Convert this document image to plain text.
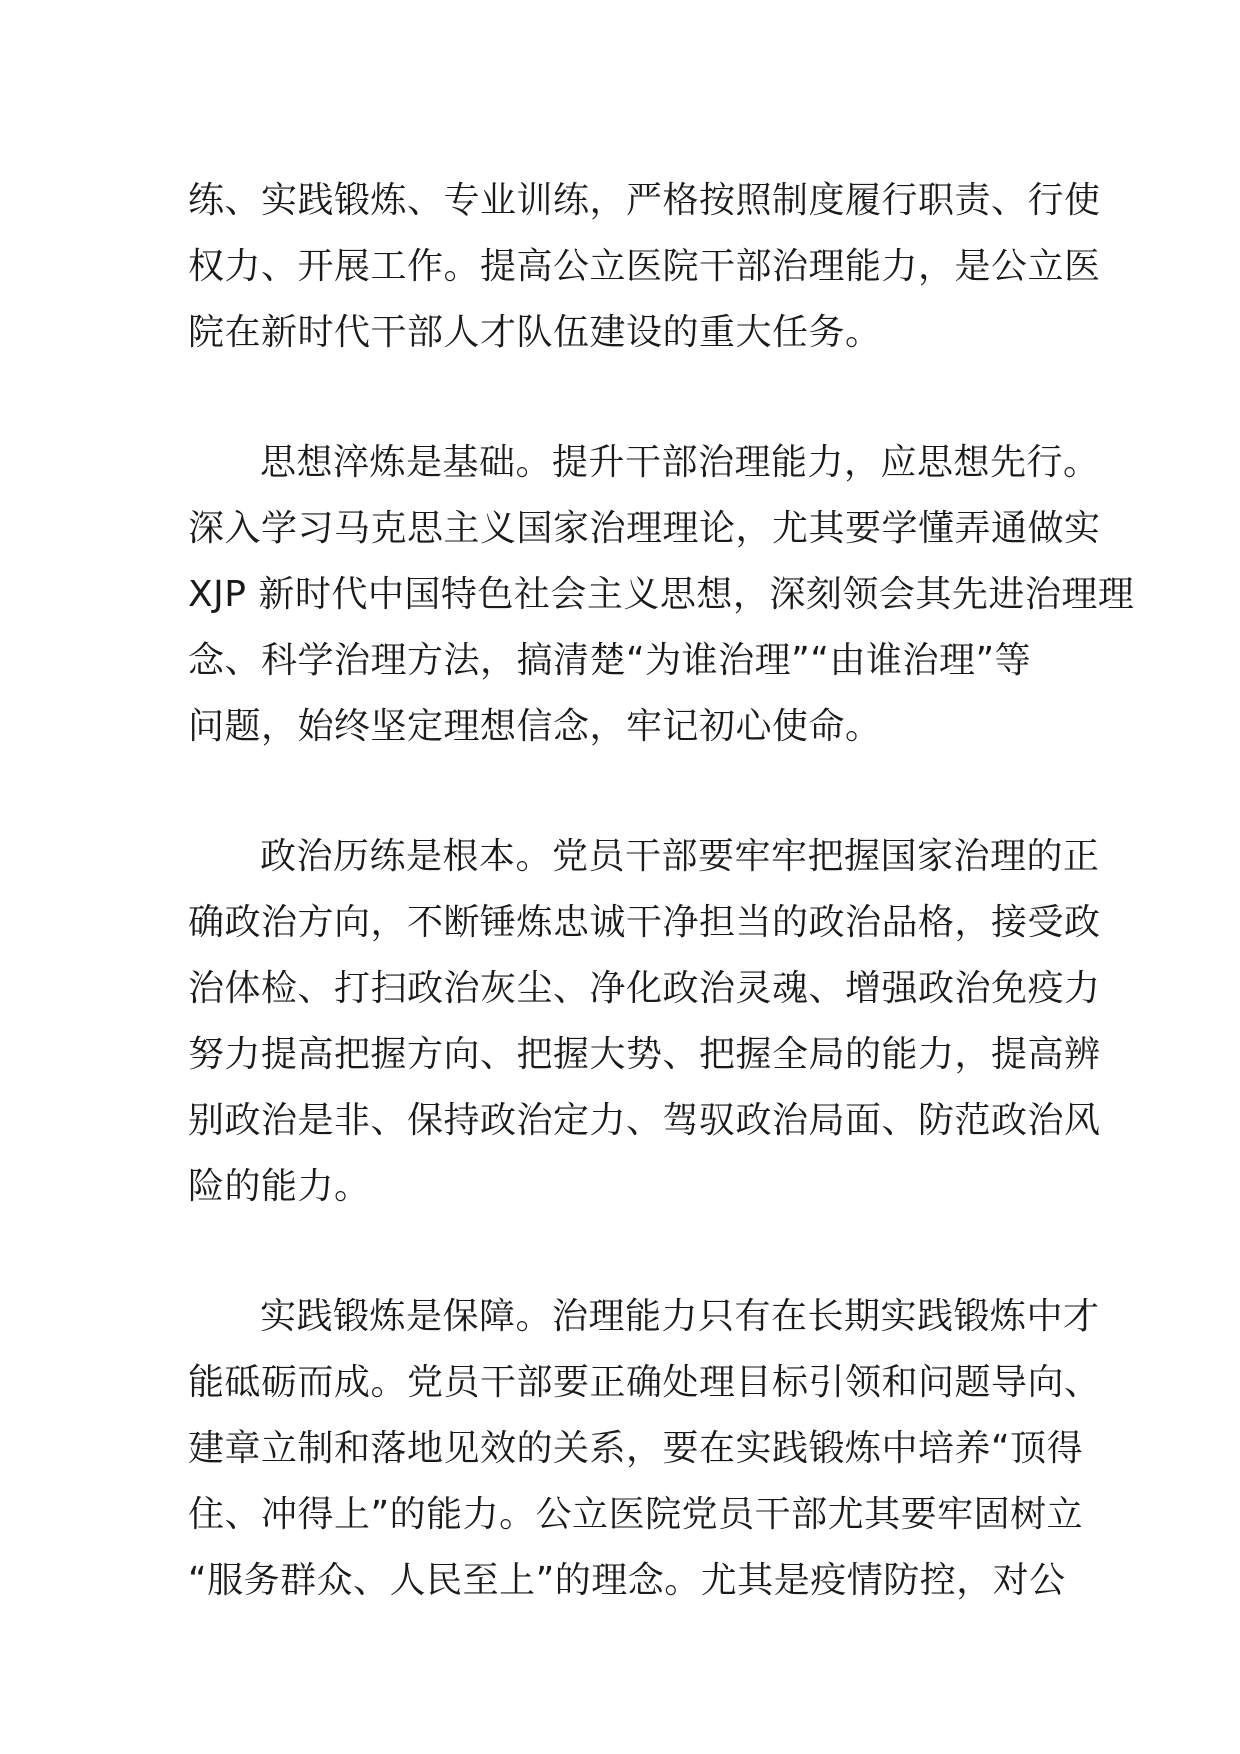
练、实践锻炼、专业训练，严格按照制度履行职责、行使
权力、开展工作。提高公立医院干部治理能力，是公立医
院在新时代干部人才队伍建设的重大任务。

思想淬炼是基础。提升干部治理能力，应思想先行。
深入学习马克思主义国家治理理论，尤其要学懂弄通做实
XJP 新时代中国特色社会主义思想，深刻领会其先进治理理
念、科学治理方法，搞清楚“为谁治理”“由谁治理”等
问题，始终坚定理想信念，牢记初心使命。

政治历练是根本。党员干部要牢牢把握国家治理的正
确政治方向，不断锤炼忠诚干净担当的政治品格，接受政
治体检、打扫政治灰尘、净化政治灵魂、增强政治免疫力
努力提高把握方向、把握大势、把握全局的能力，提高辨
别政治是非、保持政治定力、驾驭政治局面、防范政治风
险的能力。

实践锻炼是保障。治理能力只有在长期实践锻炼中才
能砥砺而成。党员干部要正确处理目标引领和问题导向、
建章立制和落地见效的关系，要在实践锻炼中培养“顶得
住、冲得上”的能力。公立医院党员干部尤其要牢固树立
“服务群众、人民至上”的理念。尤其是疫情防控，对公
